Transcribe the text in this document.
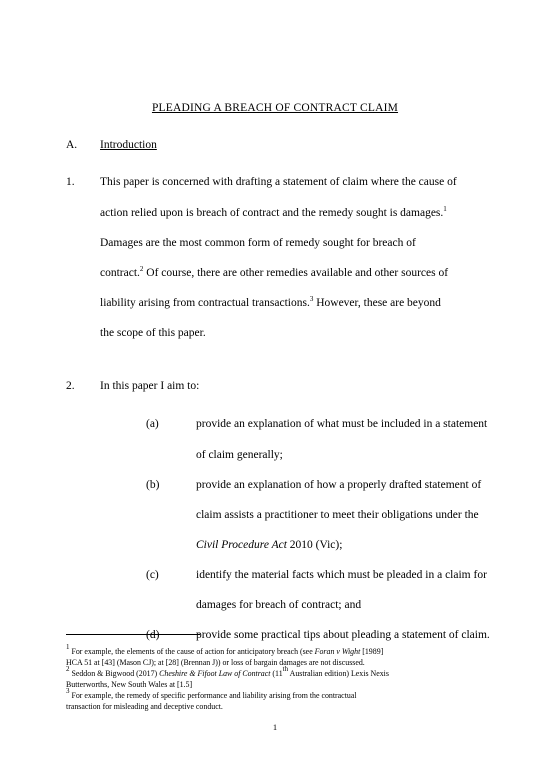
PLEADING A BREACH OF CONTRACT CLAIM
A. Introduction
1. This paper is concerned with drafting a statement of claim where the cause of
action relied upon is breach of contract and the remedy sought is damages.$^1$
Damages are the most common form of remedy sought for breach of
contract.$^2$ Of course, there are other remedies available and other sources of
liability arising from contractual transactions.$^3$ However, these are beyond
the scope of this paper.
2. In this paper I aim to:
(a)	provide an explanation of what must be included in a statement
of claim generally;
(b)	provide an explanation of how a properly drafted statement of
claim assists a practitioner to meet their obligations under the
Civil Procedure Act 2010 (Vic);
(c)	identify the material facts which must be pleaded in a claim for
damages for breach of contract; and
(d)	provide some practical tips about pleading a statement of claim.
$^1$ For example, the elements of the cause of action for anticipatory breach (see Foran v Wight [1989]
HCA 51 at [43] (Mason CJ); at [28] (Brennan J)) or loss of bargain damages are not discussed.
$^2$ Seddon & Bigwood (2017) Cheshire & Fifoot Law of Contract (11th Australian edition) Lexis Nexis
Butterworths, New South Wales at [1.5]
$^3$ For example, the remedy of specific performance and liability arising from the contractual
transaction for misleading and deceptive conduct.
1
